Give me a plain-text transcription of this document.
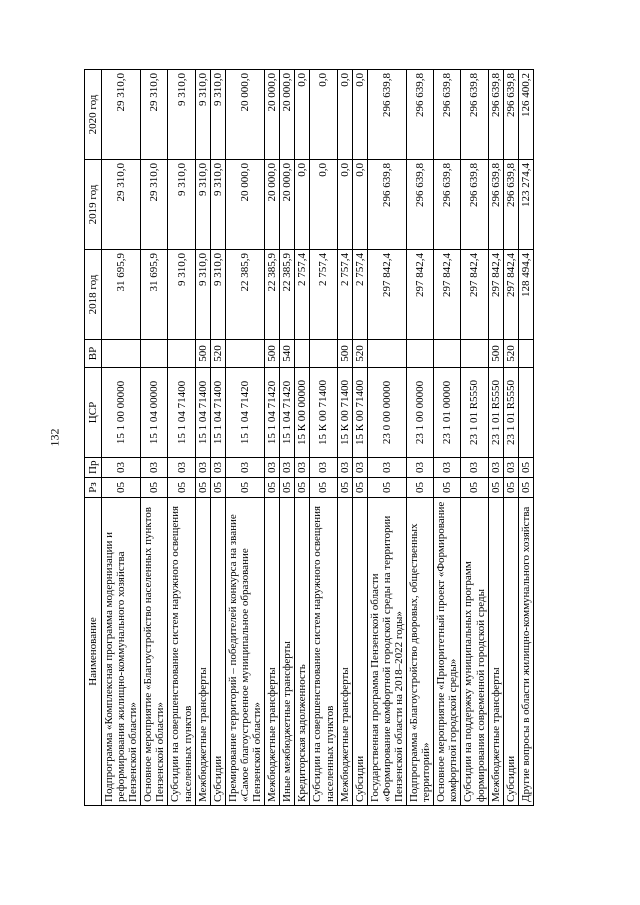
132
Наименование	Рз	Пр	ЦСР	ВР	2018 год	2019 год	2020 год
Подпрограмма «Комплексная программа модернизации и реформирования жилищно-коммунального хозяйства Пензенской области»	05	03	15 1 00 00000		31 695,9	29 310,0	29 310,0
Основное мероприятие «Благоустройство населенных пунктов Пензенской области»	05	03	15 1 04 00000		31 695,9	29 310,0	29 310,0
Субсидии на совершенствование систем наружного освещения населенных пунктов	05	03	15 1 04 71400		9 310,0	9 310,0	9 310,0
Межбюджетные трансферты	05	03	15 1 04 71400	500	9 310,0	9 310,0	9 310,0
Субсидии	05	03	15 1 04 71400	520	9 310,0	9 310,0	9 310,0
Премирование территорий – победителей конкурса на звание «Самое благоустроенное муниципальное образование Пензенской области»	05	03	15 1 04 71420		22 385,9	20 000,0	20 000,0
Межбюджетные трансферты	05	03	15 1 04 71420	500	22 385,9	20 000,0	20 000,0
Иные межбюджетные трансферты	05	03	15 1 04 71420	540	22 385,9	20 000,0	20 000,0
Кредиторская задолженность	05	03	15 К 00 00000		2 757,4	0,0	0,0
Субсидии на совершенствование систем наружного освещения населенных пунктов	05	03	15 К 00 71400		2 757,4	0,0	0,0
Межбюджетные трансферты	05	03	15 К 00 71400	500	2 757,4	0,0	0,0
Субсидии	05	03	15 К 00 71400	520	2 757,4	0,0	0,0
Государственная программа Пензенской области «Формирование комфортной городской среды на территории Пензенской области на 2018–2022 годы»	05	03	23 0 00 00000		297 842,4	296 639,8	296 639,8
Подпрограмма «Благоустройство дворовых, общественных территорий»	05	03	23 1 00 00000		297 842,4	296 639,8	296 639,8
Основное мероприятие «Приоритетный проект «Формирование комфортной городской среды»	05	03	23 1 01 00000		297 842,4	296 639,8	296 639,8
Субсидии на поддержку муниципальных программ формирования современной городской среды	05	03	23 1 01 R5550		297 842,4	296 639,8	296 639,8
Межбюджетные трансферты	05	03	23 1 01 R5550	500	297 842,4	296 639,8	296 639,8
Субсидии	05	03	23 1 01 R5550	520	297 842,4	296 639,8	296 639,8
Другие вопросы в области жилищно-коммунального хозяйства	05	05			128 494,4	123 274,4	126 400,2
